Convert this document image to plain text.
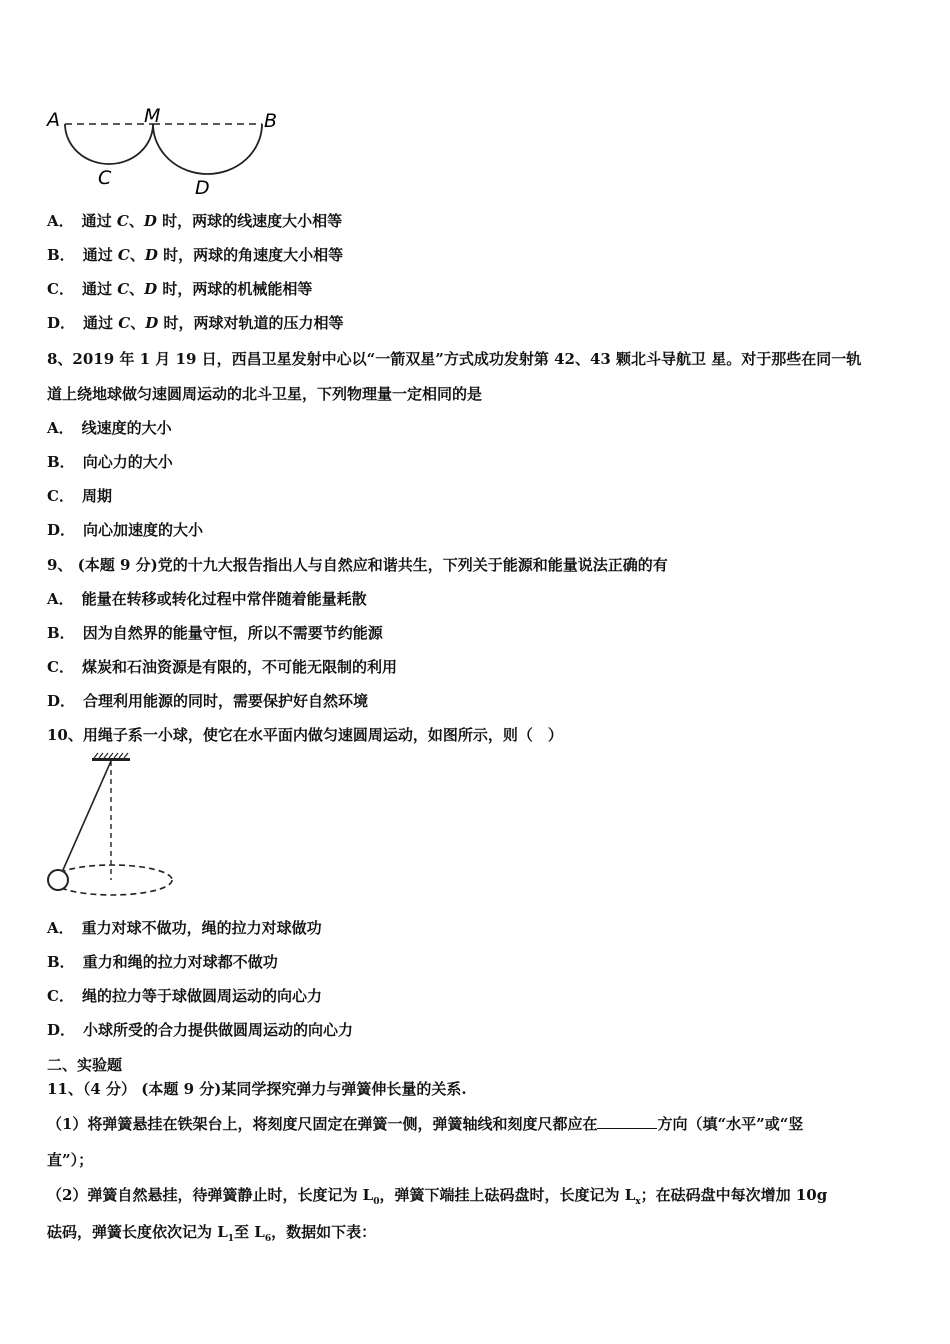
A	M	B
C	D
A． 通过 C、D 时，两球的线速度大小相等
B． 通过 C、D 时，两球的角速度大小相等
C． 通过 C、D 时，两球的机械能相等
D． 通过 C、D 时，两球对轨道的压力相等
8、2019 年 1 月 19 日，西昌卫星发射中心以“一箭双星”方式成功发射第 42、43 颗北斗导航卫 星。对于那些在同一轨
道上绕地球做匀速圆周运动的北斗卫星，下列物理量一定相同的是
A． 线速度的大小
B． 向心力的大小
C． 周期
D． 向心加速度的大小
9、 (本题 9 分)党的十九大报告指出人与自然应和谐共生，下列关于能源和能量说法正确的有
A． 能量在转移或转化过程中常伴随着能量耗散
B． 因为自然界的能量守恒，所以不需要节约能源
C． 煤炭和石油资源是有限的，不可能无限制的利用
D． 合理利用能源的同时，需要保护好自然环境
10、用绳子系一小球，使它在水平面内做匀速圆周运动，如图所示，则（　）
A． 重力对球不做功，绳的拉力对球做功
B． 重力和绳的拉力对球都不做功
C． 绳的拉力等于球做圆周运动的向心力
D． 小球所受的合力提供做圆周运动的向心力
二、实验题
11、（4 分） (本题 9 分)某同学探究弹力与弹簧伸长量的关系.
（1）将弹簧悬挂在铁架台上，将刻度尺固定在弹簧一侧，弹簧轴线和刻度尺都应在	方向（填“水平”或“竖
直”）；
（2）弹簧自然悬挂，待弹簧静止时，长度记为 $L_0$，弹簧下端挂上砝码盘时，长度记为 $L_x$；在砝码盘中每次增加 10g
砝码，弹簧长度依次记为 $L_1$至 $L_6$，数据如下表：
